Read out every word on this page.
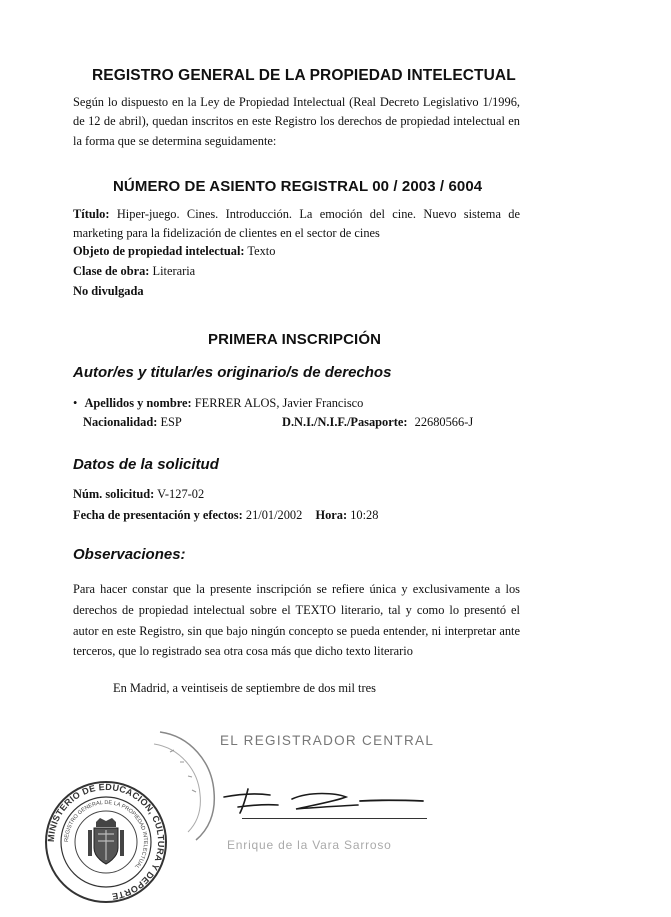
REGISTRO GENERAL DE LA PROPIEDAD INTELECTUAL
Según lo dispuesto en la Ley de Propiedad Intelectual (Real Decreto Legislativo 1/1996, de 12 de abril), quedan inscritos en este Registro los derechos de propiedad intelectual en la forma que se determina seguidamente:
NÚMERO DE ASIENTO REGISTRAL 00 / 2003 / 6004
Título: Hiper-juego. Cines. Introducción. La emoción del cine. Nuevo sistema de marketing para la fidelización de clientes en el sector de cines
Objeto de propiedad intelectual: Texto
Clase de obra: Literaria
No divulgada
PRIMERA INSCRIPCIÓN
Autor/es y titular/es originario/s de derechos
• Apellidos y nombre: FERRER ALOS, Javier Francisco
Nacionalidad: ESP	D.N.I./N.I.F./Pasaporte: 22680566-J
Datos de la solicitud
Núm. solicitud: V-127-02
Fecha de presentación y efectos: 21/01/2002 Hora: 10:28
Observaciones:
Para hacer constar que la presente inscripción se refiere única y exclusivamente a los derechos de propiedad intelectual sobre el TEXTO literario, tal y como lo presentó el autor en este Registro, sin que bajo ningún concepto se pueda entender, ni interpretar ante terceros, que lo registrado sea otra cosa más que dicho texto literario
En Madrid, a veintiseis de septiembre de dos mil tres
EL REGISTRADOR CENTRAL
Enrique de la Vara Sarroso
MINISTERIO DE EDUCACIÓN, CULTURA Y DEPORTE
REGISTRO GENERAL DE LA PROPIEDAD INTELECTUAL
